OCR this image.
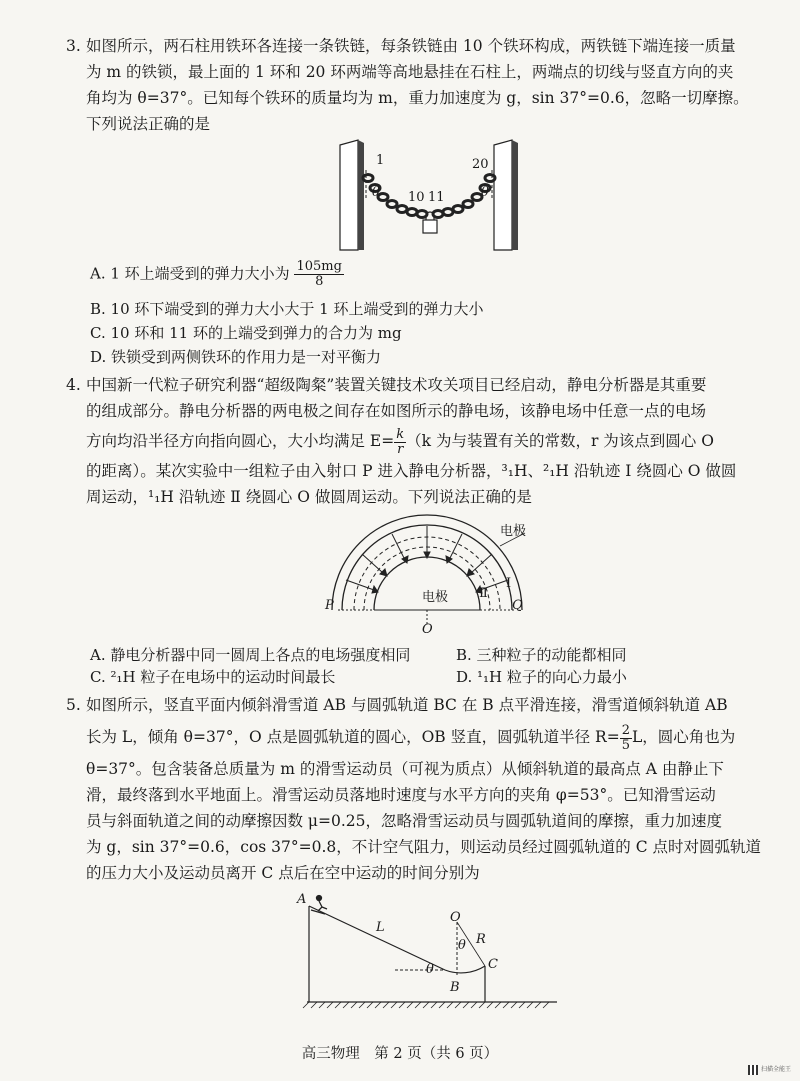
3. 如图所示，两石柱用铁环各连接一条铁链，每条铁链由 10 个铁环构成，两铁链下端连接一质量

为 m 的铁锁，最上面的 1 环和 20 环两端等高地悬挂在石柱上，两端点的切线与竖直方向的夹

角均为 θ=37°。已知每个铁环的质量均为 m，重力加速度为 g，sin 37°=0.6，忽略一切摩擦。

下列说法正确的是

1	20
10 11
θ	θ
A. 1 环上端受到的弹力大小为 $\frac{105mg}{8}$
B. 10 环下端受到的弹力大小大于 1 环上端受到的弹力大小
C. 10 环和 11 环的上端受到弹力的合力为 mg
D. 铁锁受到两侧铁环的作用力是一对平衡力
4. 中国新一代粒子研究利器“超级陶粲”装置关键技术攻关项目已经启动，静电分析器是其重要

的组成部分。静电分析器的两电极之间存在如图所示的静电场，该静电场中任意一点的电场

方向均沿半径方向指向圆心，大小均满足 $E= \frac{k}{r} (k$ 为与装置有关的常数，r 为该点到圆心 O

的距离）。某次实验中一组粒子由入射口 P 进入静电分析器，³₁H、²₁H 沿轨迹 Ⅰ 绕圆心 O 做圆

周运动，¹₁H 沿轨迹 Ⅱ 绕圆心 O 做圆周运动。下列说法正确的是

电极
电极
Ⅰ
Ⅱ
P	Q
O
A. 静电分析器中同一圆周上各点的电场强度相同	B. 三种粒子的动能都相同
C. ²₁H 粒子在电场中的运动时间最长	D. ¹₁H 粒子的向心力最小
5. 如图所示，竖直平面内倾斜滑雪道 AB 与圆弧轨道 BC 在 B 点平滑连接，滑雪道倾斜轨道 AB

长为 L，倾角 θ=37°，O 点是圆弧轨道的圆心，OB 竖直，圆弧轨道半径 $R= \frac{2}{5}$ L，圆心角也为

θ=37°。包含装备总质量为 m 的滑雪运动员（可视为质点）从倾斜轨道的最高点 A 由静止下

滑，最终落到水平地面上。滑雪运动员落地时速度与水平方向的夹角 φ=53°。已知滑雪运动

员与斜面轨道之间的动摩擦因数 μ=0.25，忽略滑雪运动员与圆弧轨道间的摩擦，重力加速度

为 g，sin 37°=0.6，cos 37°=0.8，不计空气阻力，则运动员经过圆弧轨道的 C 点时对圆弧轨道

的压力大小及运动员离开 C 点后在空中运动的时间分别为

A
B
C
O
L
R
θ
θ
高三物理　第 2 页（共 6 页）
扫描全能王
